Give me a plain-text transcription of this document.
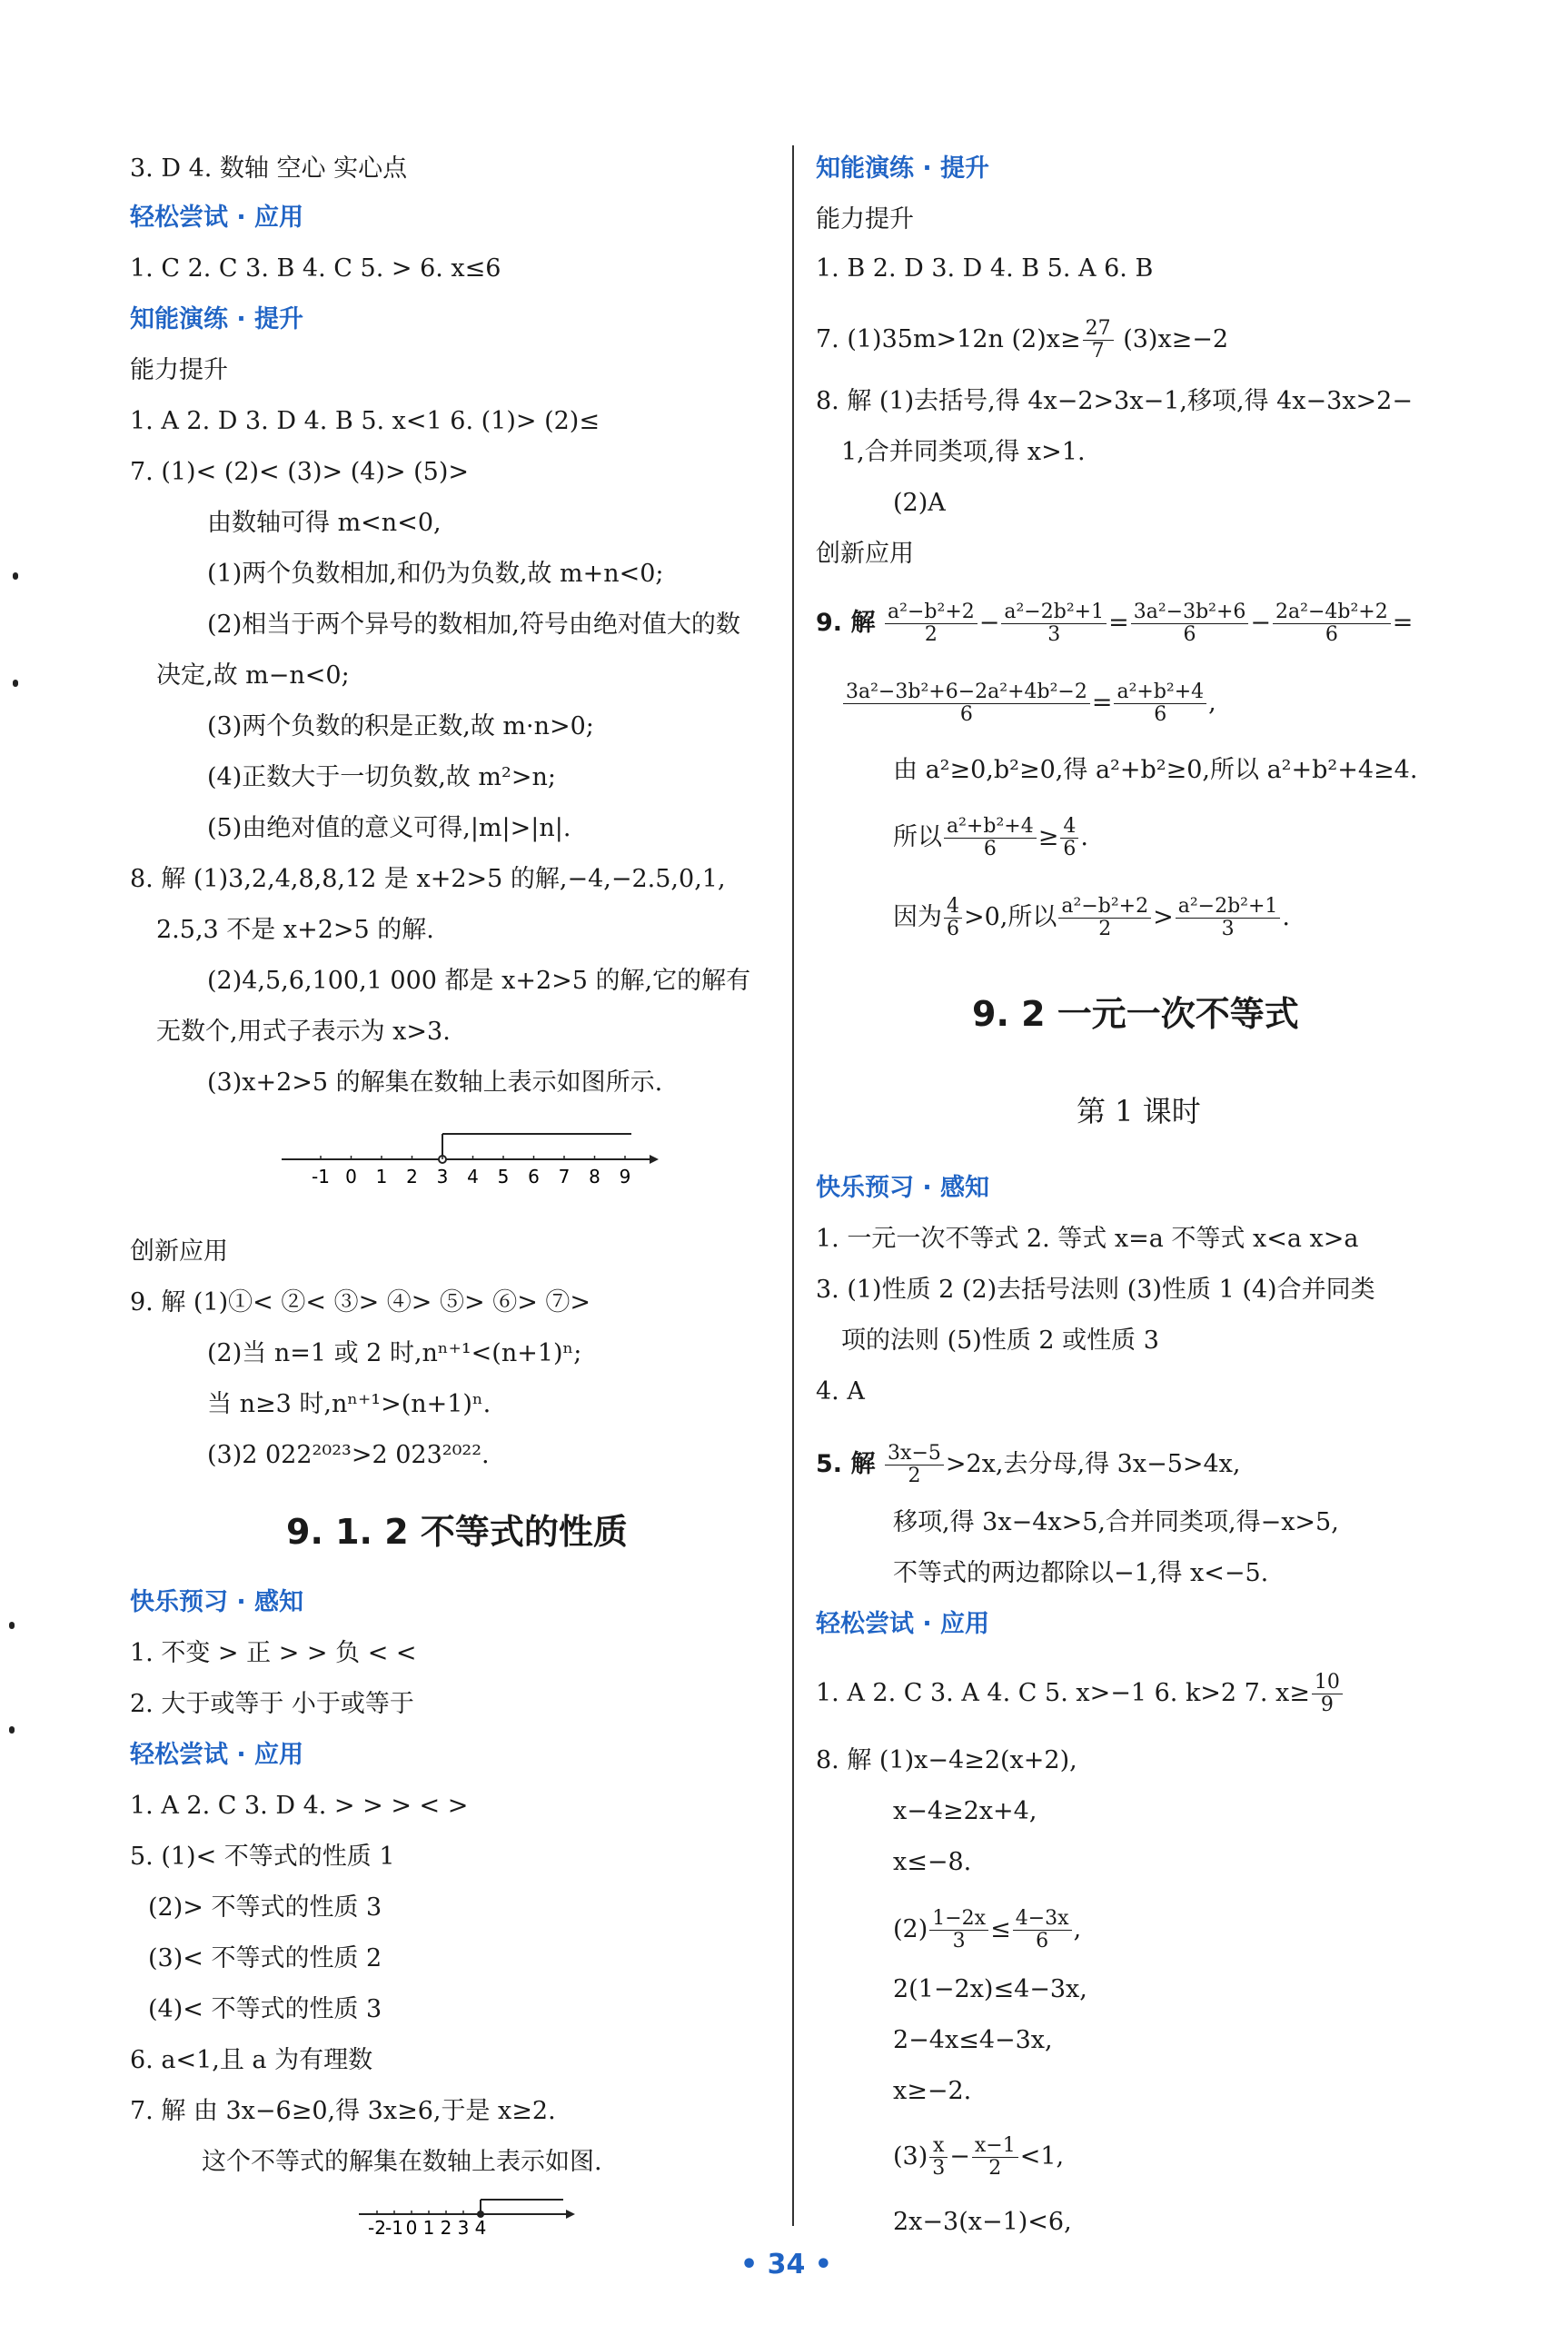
3. D 4. 数轴 空心 实心点
轻松尝试 · 应用
1. C 2. C 3. B 4. C 5. > 6. x≤6
知能演练 · 提升
能力提升
1. A 2. D 3. D 4. B 5. x<1 6. (1)> (2)≤
7. (1)< (2)< (3)> (4)> (5)>
由数轴可得 m<n<0,
(1)两个负数相加,和仍为负数,故 m+n<0;
(2)相当于两个异号的数相加,符号由绝对值大的数
决定,故 m−n<0;
(3)两个负数的积是正数,故 m·n>0;
(4)正数大于一切负数,故 m²>n;
(5)由绝对值的意义可得,|m|>|n|.
8. 解 (1)3,2,4,8,8,12 是 x+2>5 的解,−4,−2.5,0,1,
2.5,3 不是 x+2>5 的解.
(2)4,5,6,100,1 000 都是 x+2>5 的解,它的解有
无数个,用式子表示为 x>3.
(3)x+2>5 的解集在数轴上表示如图所示.
-1 0 1 2 3 4 5 6 7 8 9
创新应用
9. 解 (1)①< ②< ③> ④> ⑤> ⑥> ⑦>
(2)当 n=1 或 2 时,nⁿ⁺¹<(n+1)ⁿ;
当 n≥3 时,nⁿ⁺¹>(n+1)ⁿ.
(3)2 022²⁰²³>2 023²⁰²².
9. 1. 2 不等式的性质
快乐预习 · 感知
1. 不变 > 正 > > 负 < <
2. 大于或等于 小于或等于
轻松尝试 · 应用
1. A 2. C 3. D 4. > > > < >
5. (1)< 不等式的性质 1
(2)> 不等式的性质 3
(3)< 不等式的性质 2
(4)< 不等式的性质 3
6. a<1,且 a 为有理数
7. 解 由 3x−6≥0,得 3x≥6,于是 x≥2.
这个不等式的解集在数轴上表示如图.
-2 -1 0 1 2 3 4
知能演练 · 提升
能力提升
1. B 2. D 3. D 4. B 5. A 6. B
7. (1)35m>12n $(2)x\ge \frac{27}{7} (3)x\ge-2$
8. 解 (1)去括号,得 4x−2>3x−1,移项,得 4x−3x>2−
1,合并同类项,得 x>1.
(2)A
创新应用
9. 解 $\frac{\text{a²−b²+2}}{2} - \frac{\text{a²−2b²+1}}{3} = \frac{\text{3a²−3b²+6}}{6} - \frac{\text{2a²−4b²+2}}{6}$ =
$\frac{\text{3a²−3b²+6−2a²+4b²−2}}{6} = \frac{\text{a²+b²+4}}{6}$ ,
由 a²≥0,b²≥0,得 a²+b²≥0,所以 a²+b²+4≥4.
所以 $\frac{\text{a²+b²+4}}{6} \ge \frac{4}{6}$ .
因为 $\frac{4}{6} >0$,所以 $\frac{\text{a²−b²+2}}{2} > \frac{\text{a²−2b²+1}}{3}$ .
9. 2 一元一次不等式
第 1 课时
快乐预习 · 感知
1. 一元一次不等式 2. 等式 x=a 不等式 x<a x>a
3. (1)性质 2 (2)去括号法则 (3)性质 1 (4)合并同类
项的法则 (5)性质 2 或性质 3
4. A
5. 解 $\frac{3x-5}{2} >2x$,去分母,得 3x−5>4x,
移项,得 3x−4x>5,合并同类项,得−x>5,
不等式的两边都除以−1,得 x<−5.
轻松尝试 · 应用
1. A 2. C 3. A 4. C 5. x>−1 6. k>2 7. $x\ge \frac{10}{9}$
8. 解 (1)x−4≥2(x+2),
x−4≥2x+4,
x≤−8.
$(2) \frac{1-2x}{3} \le \frac{4-3x}{6}$ ,
2(1−2x)≤4−3x,
2−4x≤4−3x,
x≥−2.
$(3) \frac{x}{3} - \frac{x-1}{2} <1$,
2x−3(x−1)<6,
• 34 •
